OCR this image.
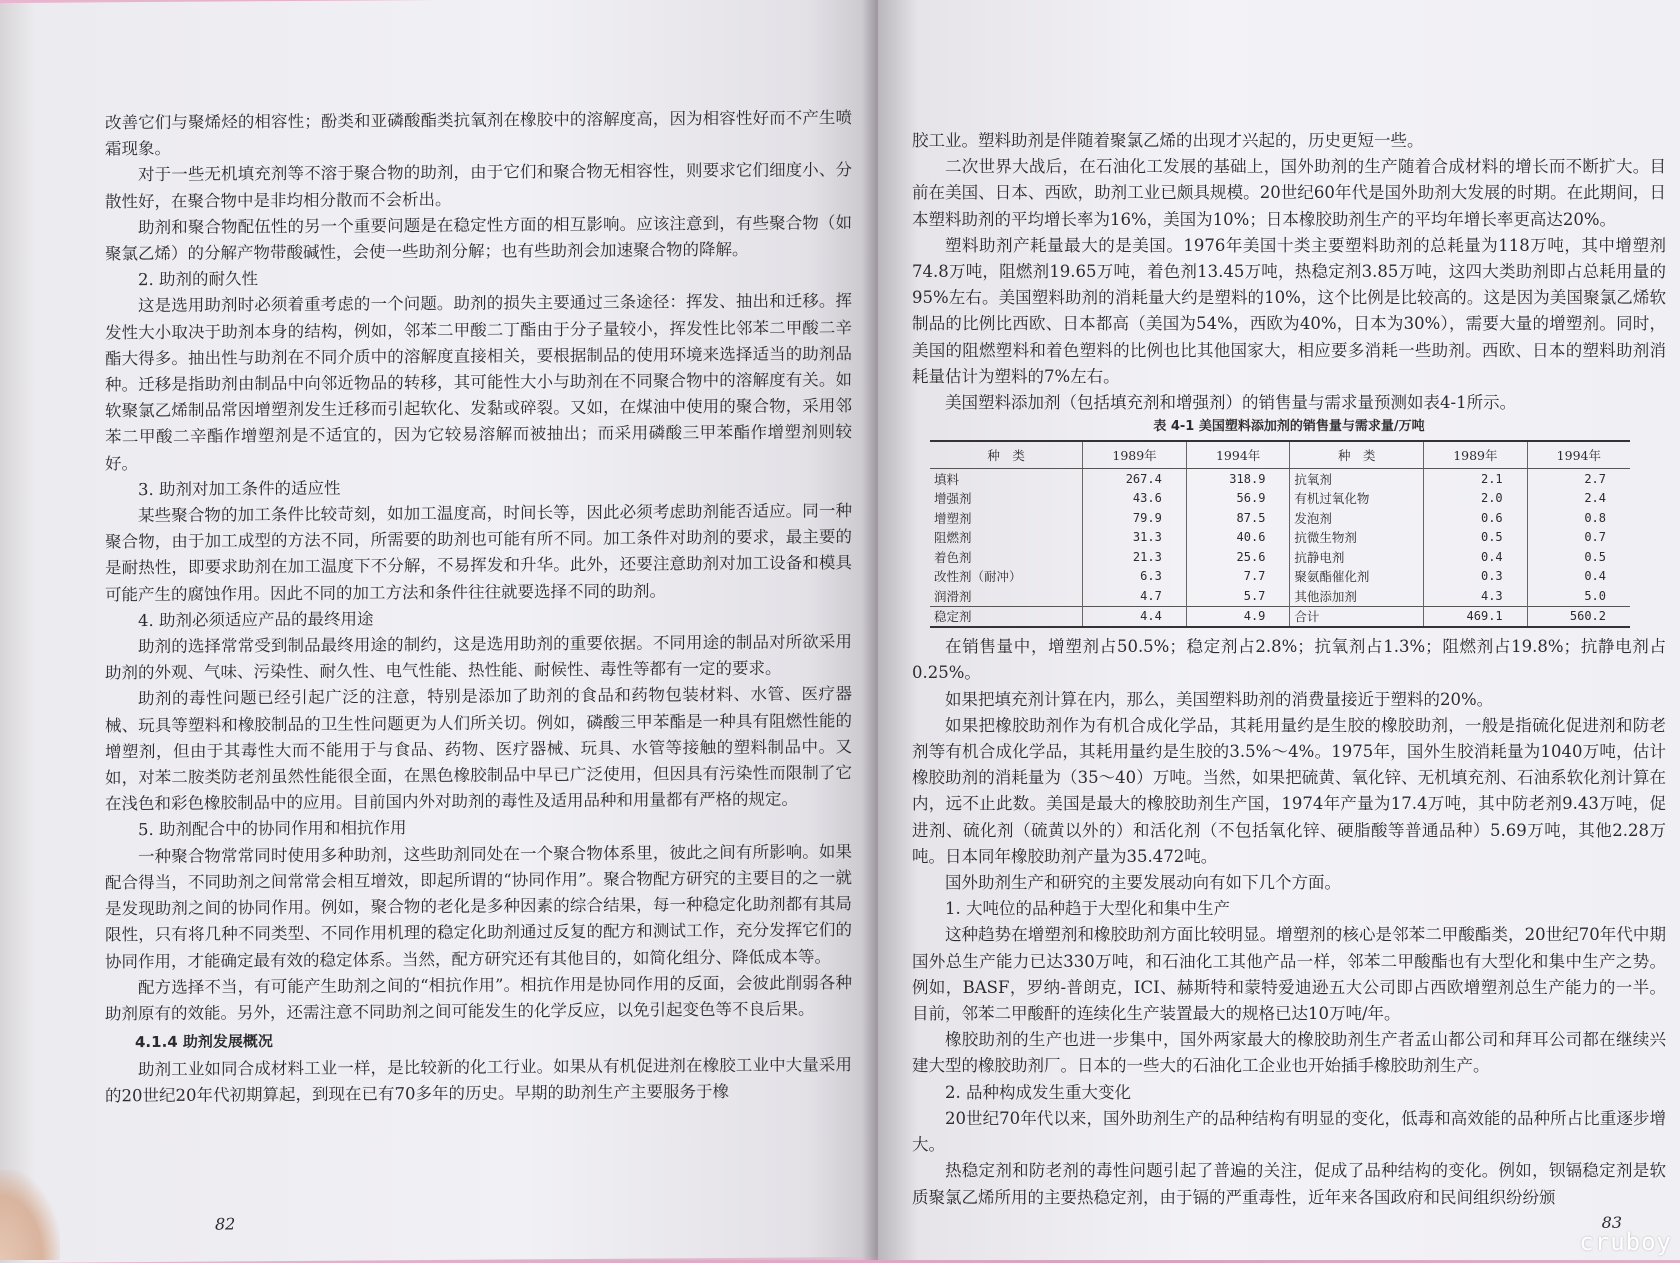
改善它们与聚烯烃的相容性；酚类和亚磷酸酯类抗氧剂在橡胶中的溶解度高，因为相容性好而不产生喷霜现象。

对于一些无机填充剂等不溶于聚合物的助剂，由于它们和聚合物无相容性，则要求它们细度小、分散性好，在聚合物中是非均相分散而不会析出。

助剂和聚合物配伍性的另一个重要问题是在稳定性方面的相互影响。应该注意到，有些聚合物（如聚氯乙烯）的分解产物带酸碱性，会使一些助剂分解；也有些助剂会加速聚合物的降解。

2. 助剂的耐久性

这是选用助剂时必须着重考虑的一个问题。助剂的损失主要通过三条途径：挥发、抽出和迁移。挥发性大小取决于助剂本身的结构，例如，邻苯二甲酸二丁酯由于分子量较小，挥发性比邻苯二甲酸二辛酯大得多。抽出性与助剂在不同介质中的溶解度直接相关，要根据制品的使用环境来选择适当的助剂品种。迁移是指助剂由制品中向邻近物品的转移，其可能性大小与助剂在不同聚合物中的溶解度有关。如软聚氯乙烯制品常因增塑剂发生迁移而引起软化、发黏或碎裂。又如，在煤油中使用的聚合物，采用邻苯二甲酸二辛酯作增塑剂是不适宜的，因为它较易溶解而被抽出；而采用磷酸三甲苯酯作增塑剂则较好。

3. 助剂对加工条件的适应性

某些聚合物的加工条件比较苛刻，如加工温度高，时间长等，因此必须考虑助剂能否适应。同一种聚合物，由于加工成型的方法不同，所需要的助剂也可能有所不同。加工条件对助剂的要求，最主要的是耐热性，即要求助剂在加工温度下不分解，不易挥发和升华。此外，还要注意助剂对加工设备和模具可能产生的腐蚀作用。因此不同的加工方法和条件往往就要选择不同的助剂。

4. 助剂必须适应产品的最终用途

助剂的选择常常受到制品最终用途的制约，这是选用助剂的重要依据。不同用途的制品对所欲采用助剂的外观、气味、污染性、耐久性、电气性能、热性能、耐候性、毒性等都有一定的要求。

助剂的毒性问题已经引起广泛的注意，特别是添加了助剂的食品和药物包装材料、水管、医疗器械、玩具等塑料和橡胶制品的卫生性问题更为人们所关切。例如，磷酸三甲苯酯是一种具有阻燃性能的增塑剂，但由于其毒性大而不能用于与食品、药物、医疗器械、玩具、水管等接触的塑料制品中。又如，对苯二胺类防老剂虽然性能很全面，在黑色橡胶制品中早已广泛使用，但因具有污染性而限制了它在浅色和彩色橡胶制品中的应用。目前国内外对助剂的毒性及适用品种和用量都有严格的规定。

5. 助剂配合中的协同作用和相抗作用

一种聚合物常常同时使用多种助剂，这些助剂同处在一个聚合物体系里，彼此之间有所影响。如果配合得当，不同助剂之间常常会相互增效，即起所谓的“协同作用”。聚合物配方研究的主要目的之一就是发现助剂之间的协同作用。例如，聚合物的老化是多种因素的综合结果，每一种稳定化助剂都有其局限性，只有将几种不同类型、不同作用机理的稳定化助剂通过反复的配方和测试工作，充分发挥它们的协同作用，才能确定最有效的稳定体系。当然，配方研究还有其他目的，如简化组分、降低成本等。

配方选择不当，有可能产生助剂之间的“相抗作用”。相抗作用是协同作用的反面，会彼此削弱各种助剂原有的效能。另外，还需注意不同助剂之间可能发生的化学反应，以免引起变色等不良后果。

4.1.4 助剂发展概况

助剂工业如同合成材料工业一样，是比较新的化工行业。如果从有机促进剂在橡胶工业中大量采用的20世纪20年代初期算起，到现在已有70多年的历史。早期的助剂生产主要服务于橡

82

胶工业。塑料助剂是伴随着聚氯乙烯的出现才兴起的，历史更短一些。

二次世界大战后，在石油化工发展的基础上，国外助剂的生产随着合成材料的增长而不断扩大。目前在美国、日本、西欧，助剂工业已颇具规模。20世纪60年代是国外助剂大发展的时期。在此期间，日本塑料助剂的平均增长率为16%，美国为10%；日本橡胶助剂生产的平均年增长率更高达20%。

塑料助剂产耗量最大的是美国。1976年美国十类主要塑料助剂的总耗量为118万吨，其中增塑剂74.8万吨，阻燃剂19.65万吨，着色剂13.45万吨，热稳定剂3.85万吨，这四大类助剂即占总耗用量的95%左右。美国塑料助剂的消耗量大约是塑料的10%，这个比例是比较高的。这是因为美国聚氯乙烯软制品的比例比西欧、日本都高（美国为54%，西欧为40%，日本为30%），需要大量的增塑剂。同时，美国的阻燃塑料和着色塑料的比例也比其他国家大，相应要多消耗一些助剂。西欧、日本的塑料助剂消耗量估计为塑料的7%左右。

美国塑料添加剂（包括填充剂和增强剂）的销售量与需求量预测如表4-1所示。

表 4-1 美国塑料添加剂的销售量与需求量/万吨
种　类	1989年	1994年	种　类	1989年	1994年
填料	267.4	318.9	抗氧剂	2.1	2.7
增强剂	43.6	56.9	有机过氧化物	2.0	2.4
增塑剂	79.9	87.5	发泡剂	0.6	0.8
阻燃剂	31.3	40.6	抗微生物剂	0.5	0.7
着色剂	21.3	25.6	抗静电剂	0.4	0.5
改性剂（耐冲）	6.3	7.7	聚氨酯催化剂	0.3	0.4
润滑剂	4.7	5.7	其他添加剂	4.3	5.0
稳定剂	4.4	4.9	合计	469.1	560.2

在销售量中，增塑剂占50.5%；稳定剂占2.8%；抗氧剂占1.3%；阻燃剂占19.8%；抗静电剂占0.25%。

如果把填充剂计算在内，那么，美国塑料助剂的消费量接近于塑料的20%。

如果把橡胶助剂作为有机合成化学品，其耗用量约是生胶的橡胶助剂，一般是指硫化促进剂和防老剂等有机合成化学品，其耗用量约是生胶的3.5%～4%。1975年，国外生胶消耗量为1040万吨，估计橡胶助剂的消耗量为（35～40）万吨。当然，如果把硫黄、氧化锌、无机填充剂、石油系软化剂计算在内，远不止此数。美国是最大的橡胶助剂生产国，1974年产量为17.4万吨，其中防老剂9.43万吨，促进剂、硫化剂（硫黄以外的）和活化剂（不包括氧化锌、硬脂酸等普通品种）5.69万吨，其他2.28万吨。日本同年橡胶助剂产量为35.472吨。

国外助剂生产和研究的主要发展动向有如下几个方面。

1. 大吨位的品种趋于大型化和集中生产

这种趋势在增塑剂和橡胶助剂方面比较明显。增塑剂的核心是邻苯二甲酸酯类，20世纪70年代中期国外总生产能力已达330万吨，和石油化工其他产品一样，邻苯二甲酸酯也有大型化和集中生产之势。例如，BASF，罗纳-普朗克，ICI、赫斯特和蒙特爱迪逊五大公司即占西欧增塑剂总生产能力的一半。目前，邻苯二甲酸酐的连续化生产装置最大的规格已达10万吨/年。

橡胶助剂的生产也进一步集中，国外两家最大的橡胶助剂生产者孟山都公司和拜耳公司都在继续兴建大型的橡胶助剂厂。日本的一些大的石油化工企业也开始插手橡胶助剂生产。

2. 品种构成发生重大变化

20世纪70年代以来，国外助剂生产的品种结构有明显的变化，低毒和高效能的品种所占比重逐步增大。

热稳定剂和防老剂的毒性问题引起了普遍的关注，促成了品种结构的变化。例如，钡镉稳定剂是软质聚氯乙烯所用的主要热稳定剂，由于镉的严重毒性，近年来各国政府和民间组织纷纷颁

83
cruboy
